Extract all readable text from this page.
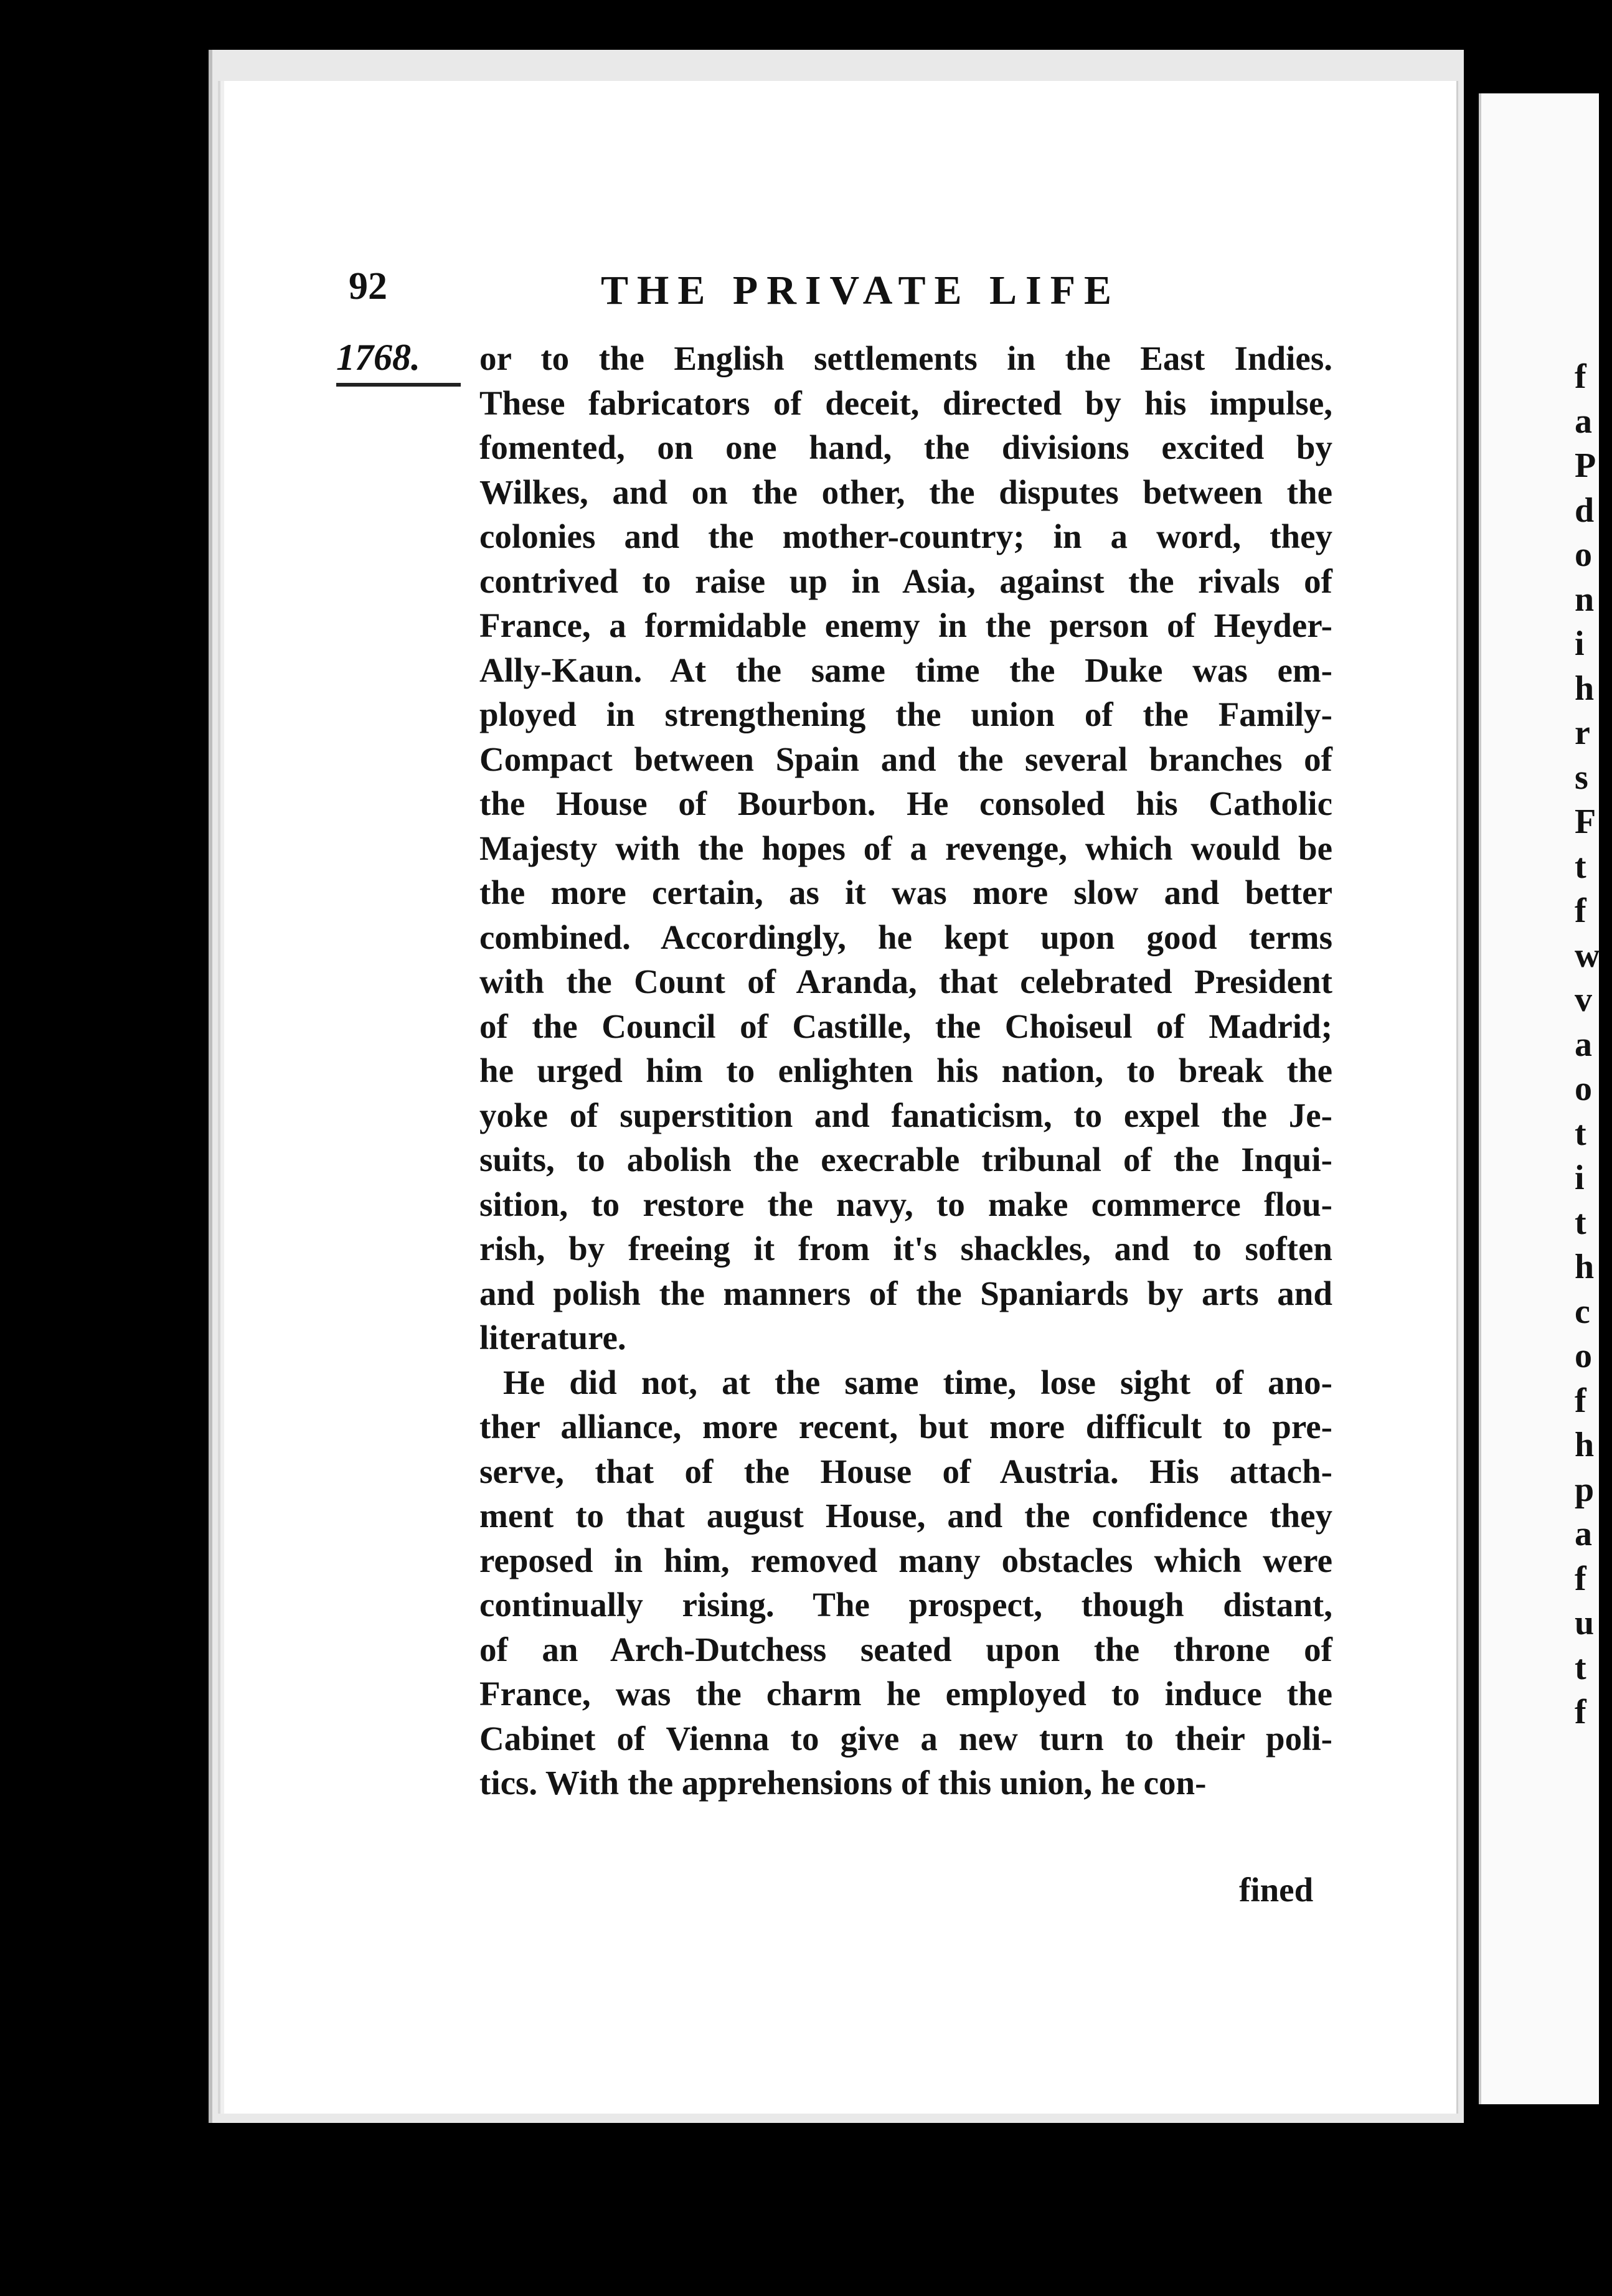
f
a
P
d
o
n
i
h
r
s
F
t
f
w
v
a
o
t
i
t
h
c
o
f
h
p
a
f
u
t
f
92	THE PRIVATE LIFE
1768. or to the English settlements in the East Indies.
These fabricators of deceit, directed by his impulse,
fomented, on one hand, the divisions excited by
Wilkes, and on the other, the disputes between the
colonies and the mother-country; in a word, they
contrived to raise up in Asia, against the rivals of
France, a formidable enemy in the person of Heyder-
Ally-Kaun. At the same time the Duke was em-
ployed in strengthening the union of the Family-
Compact between Spain and the several branches of
the House of Bourbon. He consoled his Catholic
Majesty with the hopes of a revenge, which would be
the more certain, as it was more slow and better
combined. Accordingly, he kept upon good terms
with the Count of Aranda, that celebrated President
of the Council of Castille, the Choiseul of Madrid;
he urged him to enlighten his nation, to break the
yoke of superstition and fanaticism, to expel the Je-
suits, to abolish the execrable tribunal of the Inqui-
sition, to restore the navy, to make commerce flou-
rish, by freeing it from it's shackles, and to soften
and polish the manners of the Spaniards by arts and
literature.
He did not, at the same time, lose sight of ano-
ther alliance, more recent, but more difficult to pre-
serve, that of the House of Austria. His attach-
ment to that august House, and the confidence they
reposed in him, removed many obstacles which were
continually rising. The prospect, though distant,
of an Arch-Dutchess seated upon the throne of
France, was the charm he employed to induce the
Cabinet of Vienna to give a new turn to their poli-
tics. With the apprehensions of this union, he con-
fined
